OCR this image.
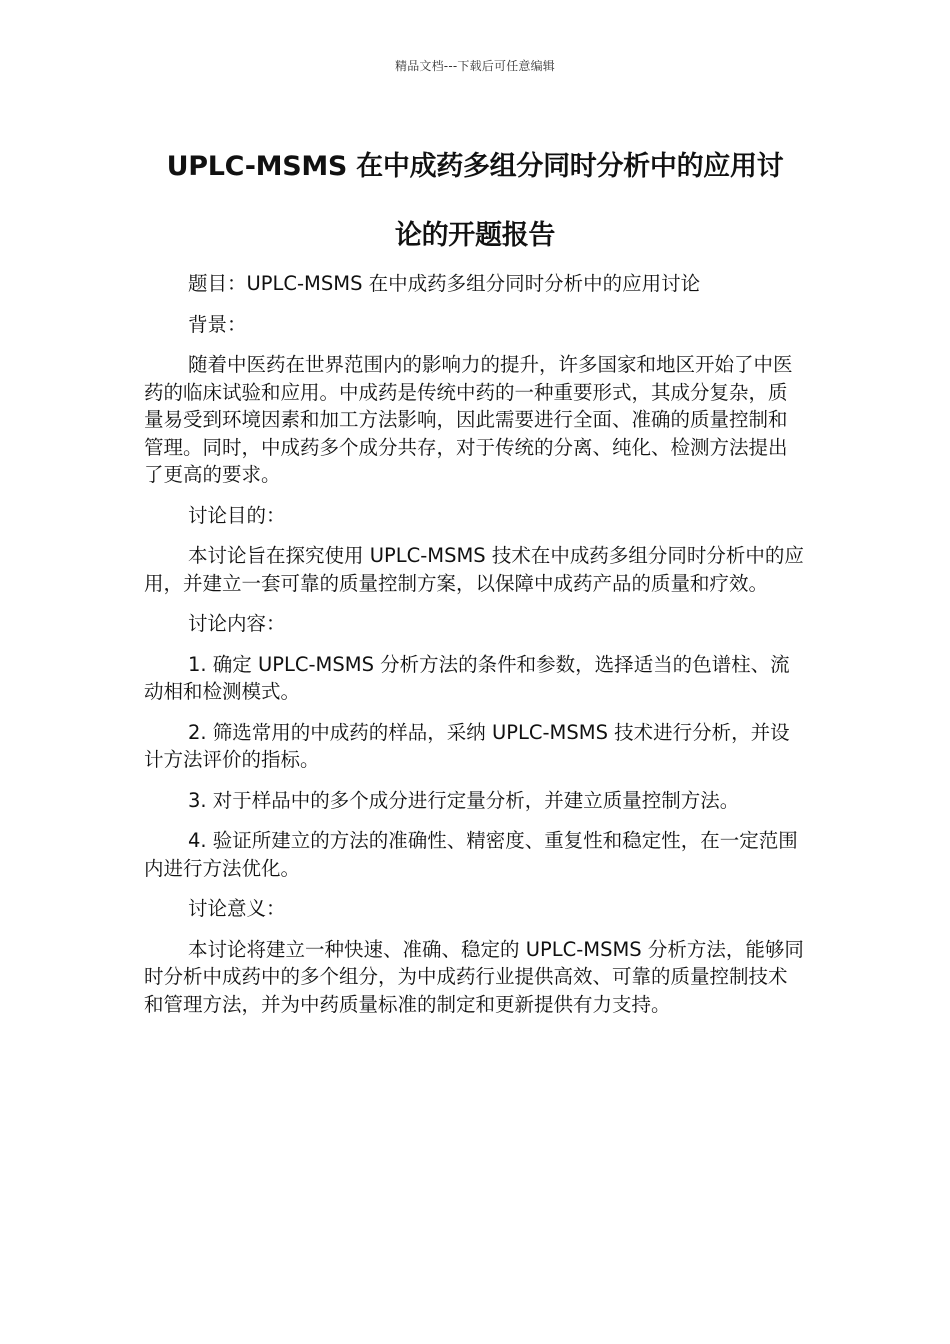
精品文档---下载后可任意编辑
UPLC-MSMS 在中成药多组分同时分析中的应用讨
论的开题报告

题目：UPLC-MSMS 在中成药多组分同时分析中的应用讨论

背景：

随着中医药在世界范围内的影响力的提升，许多国家和地区开始了中医药的临床试验和应用。中成药是传统中药的一种重要形式，其成分复杂，质量易受到环境因素和加工方法影响，因此需要进行全面、准确的质量控制和管理。同时，中成药多个成分共存，对于传统的分离、纯化、检测方法提出了更高的要求。

讨论目的：

本讨论旨在探究使用 UPLC-MSMS 技术在中成药多组分同时分析中的应用，并建立一套可靠的质量控制方案，以保障中成药产品的质量和疗效。

讨论内容：

1. 确定 UPLC-MSMS 分析方法的条件和参数，选择适当的色谱柱、流动相和检测模式。

2. 筛选常用的中成药的样品，采纳 UPLC-MSMS 技术进行分析，并设计方法评价的指标。

3. 对于样品中的多个成分进行定量分析，并建立质量控制方法。

4. 验证所建立的方法的准确性、精密度、重复性和稳定性，在一定范围内进行方法优化。

讨论意义：

本讨论将建立一种快速、准确、稳定的 UPLC-MSMS 分析方法，能够同时分析中成药中的多个组分，为中成药行业提供高效、可靠的质量控制技术和管理方法，并为中药质量标准的制定和更新提供有力支持。
